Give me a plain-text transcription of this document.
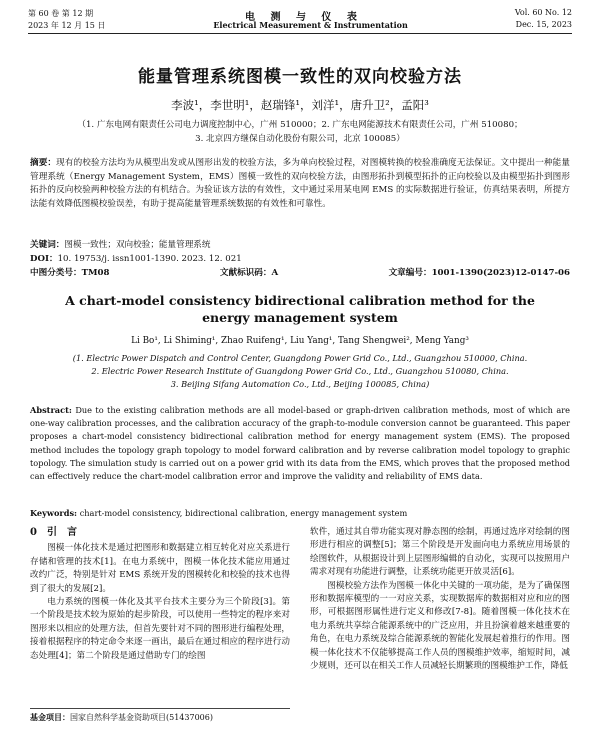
第 60 卷 第 12 期	电 测 与 仪 表	Vol. 60 No. 12
2023 年 12 月 15 日	Electrical Measurement & Instrumentation	Dec. 15, 2023
能量管理系统图模一致性的双向校验方法
李波¹，李世明¹，赵瑞锋¹，刘洋¹，唐升卫²，孟阳³
（1. 广东电网有限责任公司电力调度控制中心，广州 510000；2. 广东电网能源技术有限责任公司，广州 510080；
3. 北京四方继保自动化股份有限公司，北京 100085）
摘要：现有的校验方法均为从模型出发或从图形出发的校验方法，多为单向校验过程，对图模转换的校验准确度无法保证。文中提出一种能量管理系统（Energy Management System，EMS）图模一致性的双向校验方法，由图形拓扑到模型拓扑的正向校验以及由模型拓扑到图形拓扑的反向校验两种校验方法的有机结合。为验证该方法的有效性，文中通过采用某电网 EMS 的实际数据进行验证，仿真结果表明，所提方法能有效降低图模校验误差，有助于提高能量管理系统数据的有效性和可靠性。
关键词：图模一致性；双向校验；能量管理系统
DOI：10. 19753/j. issn1001-1390. 2023. 12. 021
中图分类号：TM08	文献标识码：A	文章编号：1001-1390(2023)12-0147-06
A chart-model consistency bidirectional calibration method for the energy management system
Li Bo¹, Li Shiming¹, Zhao Ruifeng¹, Liu Yang¹, Tang Shengwei², Meng Yang³
(1. Electric Power Dispatch and Control Center, Guangdong Power Grid Co., Ltd., Guangzhou 510000, China.
2. Electric Power Research Institute of Guangdong Power Grid Co., Ltd., Guangzhou 510080, China.
3. Beijing Sifang Automation Co., Ltd., Beijing 100085, China)
Abstract: Due to the existing calibration methods are all model-based or graph-driven calibration methods, most of which are one-way calibration processes, and the calibration accuracy of the graph-to-module conversion cannot be guaranteed. This paper proposes a chart-model consistency bidirectional calibration method for energy management system (EMS). The proposed method includes the topology graph topology to model forward calibration and by reverse calibration model topology to graphic topology. The simulation study is carried out on a power grid with its data from the EMS, which proves that the proposed method can effectively reduce the chart-model calibration error and improve the validity and reliability of EMS data.
Keywords: chart-model consistency, bidirectional calibration, energy management system
0　引　言

图模一体化技术是通过把图形和数据建立相互转化对应关系进行存储和管理的技术[1]。在电力系统中，图模一体化技术能应用通过改约广泛，特别是针对 EMS 系统开发的图模转化和校验的技术也得到了很大的发展[2]。

电力系统的图模一体化及其平台技术主要分为三个阶段[3]。第一个阶段是技术较为原始的起步阶段，可以使用一些特定的程序来对图形来以相应的处理方法，但首先要针对不同的图形进行编程处理，接着根据程序的特定命令来逐一画出，最后在通过相应的程序进行动态处理[4]；第二个阶段是通过借助专门的绘图

软件，通过其自带功能实现对静态图的绘制，再通过选序对绘制的图形进行相应的调整[5]；第三个阶段是开发面向电力系统应用场景的绘图软件，从根据设计到上层图形编辑的自动化，实现可以按照用户需求对现有功能进行调整，让系统功能更开放灵活[6]。

图模校验方法作为图模一体化中关键的一项功能，是为了确保图形和数据库模型的一一对应关系，实现数据库的数据相对应和应的图形，可根据图形属性进行定义和修改[7-8]。随着图模一体化技术在电力系统共享综合能源系统中的广泛应用，并且扮演着越来越重要的角色，在电力系统及综合能源系统的智能化发展起着推行的作用。图模一体化技术不仅能够提高工作人员的图模维护效率，缩短时间，减少规则，还可以在相关工作人员减轻长期繁琐的图模维护工作，降低

基金项目：国家自然科学基金资助项目(51437006)
